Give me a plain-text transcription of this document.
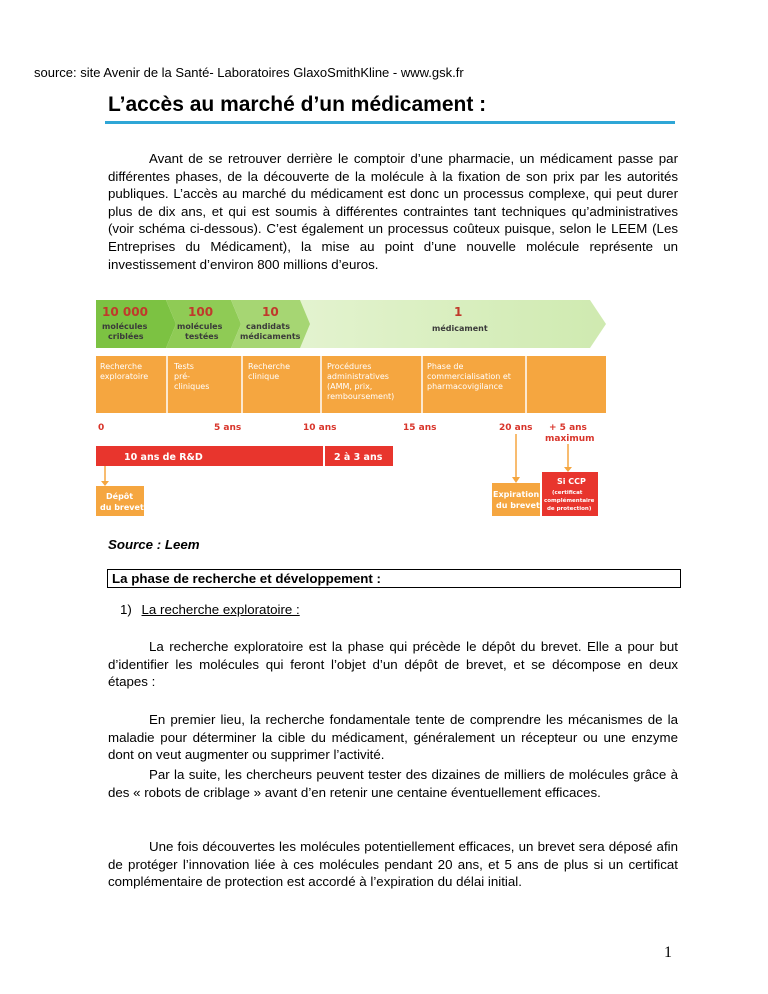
source: site Avenir de la Santé- Laboratoires GlaxoSmithKline - www.gsk.fr
L’accès au marché d’un médicament :
Avant de se retrouver derrière le comptoir d’une pharmacie, un médicament passe par différentes phases, de la découverte de la molécule à la fixation de son prix par les autorités publiques. L’accès au marché du médicament est donc un processus complexe, qui peut durer plus de dix ans, et qui est soumis à différentes contraintes tant techniques qu’administratives (voir schéma ci-dessous). C’est également un processus coûteux puisque, selon le LEEM (Les Entreprises du Médicament), la mise au point d’une nouvelle molécule représente un investissement d’environ 800 millions d’euros.
10 000
molécules
criblées
100
molécules
testées
10
candidats
médicaments
1
médicament
Recherche
exploratoire
Tests
pré-
cliniques
Recherche
clinique
Procédures
administratives
(AMM, prix,
remboursement)
Phase de
commercialisation et
pharmacovigilance
0	5 ans	10 ans	15 ans	20 ans + 5 ans
maximum
10 ans de R&D	2 à 3 ans
Dépôt
du brevet
Expiration
du brevet
Si CCP
(certificat
complémentaire
de protection)
Source : Leem
La phase de recherche et développement :
1) La recherche exploratoire :
La recherche exploratoire est la phase qui précède le dépôt du brevet. Elle a pour but d’identifier les molécules qui feront l’objet d’un dépôt de brevet, et se décompose en deux étapes :
En premier lieu, la recherche fondamentale tente de comprendre les mécanismes de la maladie pour déterminer la cible du médicament, généralement un récepteur ou une enzyme dont on veut augmenter ou supprimer l’activité.
Par la suite, les chercheurs peuvent tester des dizaines de milliers de molécules grâce à des « robots de criblage » avant d’en retenir une centaine éventuellement efficaces.
Une fois découvertes les molécules potentiellement efficaces, un brevet sera déposé afin de protéger l’innovation liée à ces molécules pendant 20 ans, et 5 ans de plus si un certificat complémentaire de protection est accordé à l’expiration du délai initial.
1
